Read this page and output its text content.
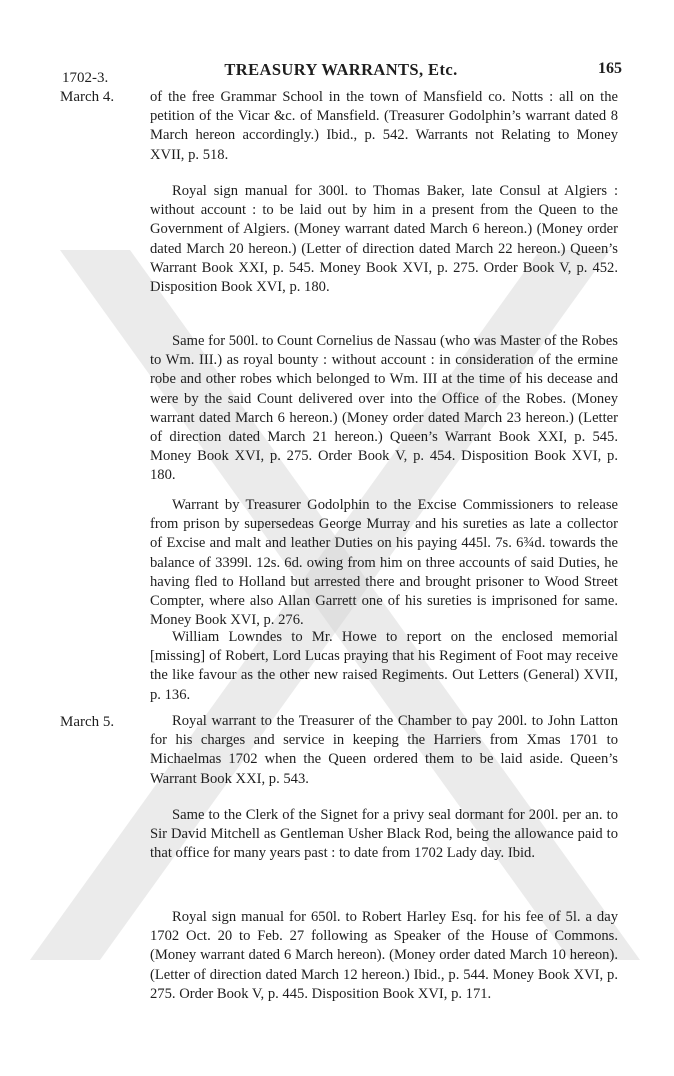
TREASURY WARRANTS, Etc.	165
1702-3.
March 4.
March 5.
of the free Grammar School in the town of Mansfield co. Notts : all on the petition of the Vicar &c. of Mansfield. (Treasurer Godolphin’s warrant dated 8 March hereon accordingly.) Ibid., p. 542. Warrants not Relating to Money XVII, p. 518.
Royal sign manual for 300l. to Thomas Baker, late Consul at Algiers : without account : to be laid out by him in a present from the Queen to the Government of Algiers. (Money warrant dated March 6 hereon.) (Money order dated March 20 hereon.) (Letter of direction dated March 22 hereon.) Queen’s Warrant Book XXI, p. 545. Money Book XVI, p. 275. Order Book V, p. 452. Disposition Book XVI, p. 180.
Same for 500l. to Count Cornelius de Nassau (who was Master of the Robes to Wm. III.) as royal bounty : without account : in consideration of the ermine robe and other robes which belonged to Wm. III at the time of his decease and were by the said Count delivered over into the Office of the Robes. (Money warrant dated March 6 hereon.) (Money order dated March 23 hereon.) (Letter of direction dated March 21 hereon.) Queen’s Warrant Book XXI, p. 545. Money Book XVI, p. 275. Order Book V, p. 454. Disposition Book XVI, p. 180.
Warrant by Treasurer Godolphin to the Excise Commissioners to release from prison by supersedeas George Murray and his sureties as late a collector of Excise and malt and leather Duties on his paying 445l. 7s. 6¾d. towards the balance of 3399l. 12s. 6d. owing from him on three accounts of said Duties, he having fled to Holland but arrested there and brought prisoner to Wood Street Compter, where also Allan Garrett one of his sureties is imprisoned for same. Money Book XVI, p. 276.
William Lowndes to Mr. Howe to report on the enclosed memorial [missing] of Robert, Lord Lucas praying that his Regiment of Foot may receive the like favour as the other new raised Regiments. Out Letters (General) XVII, p. 136.
Royal warrant to the Treasurer of the Chamber to pay 200l. to John Latton for his charges and service in keeping the Harriers from Xmas 1701 to Michaelmas 1702 when the Queen ordered them to be laid aside. Queen’s Warrant Book XXI, p. 543.
Same to the Clerk of the Signet for a privy seal dormant for 200l. per an. to Sir David Mitchell as Gentleman Usher Black Rod, being the allowance paid to that office for many years past : to date from 1702 Lady day. Ibid.
Royal sign manual for 650l. to Robert Harley Esq. for his fee of 5l. a day 1702 Oct. 20 to Feb. 27 following as Speaker of the House of Commons. (Money warrant dated 6 March hereon). (Money order dated March 10 hereon). (Letter of direction dated March 12 hereon.) Ibid., p. 544. Money Book XVI, p. 275. Order Book V, p. 445. Disposition Book XVI, p. 171.
